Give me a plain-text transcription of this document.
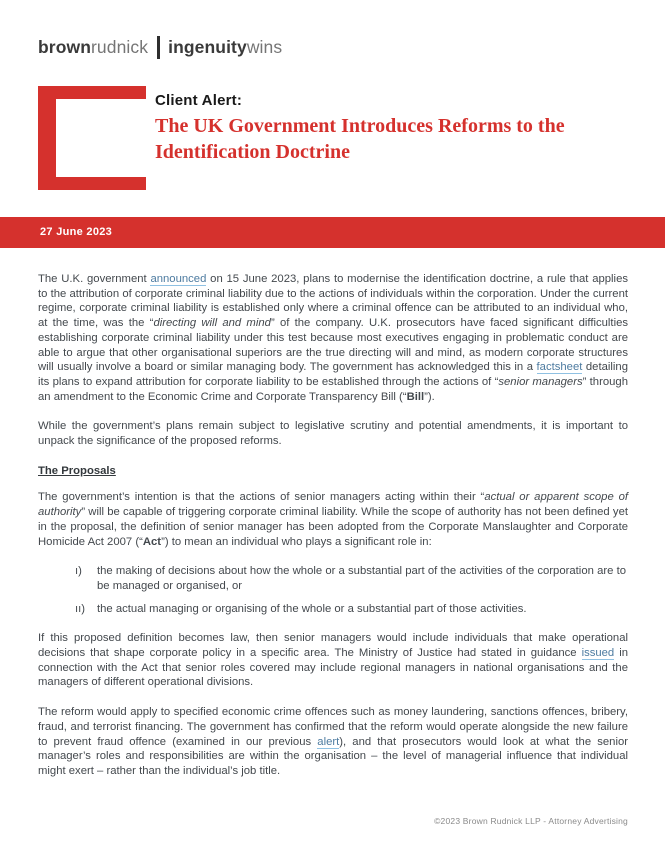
brownrudnick ingenuitywins
Client Alert:
The UK Government Introduces Reforms to the
Identification Doctrine
27 June 2023

The U.K. government announced on 15 June 2023, plans to modernise the identification doctrine, a rule that applies to the attribution of corporate criminal liability due to the actions of individuals within the corporation. Under the current regime, corporate criminal liability is established only where a criminal offence can be attributed to an individual who, at the time, was the “directing will and mind” of the company. U.K. prosecutors have faced significant difficulties establishing corporate criminal liability under this test because most executives engaging in problematic conduct are able to argue that other organisational superiors are the true directing will and mind, as modern corporate structures will usually involve a board or similar managing body. The government has acknowledged this in a factsheet detailing its plans to expand attribution for corporate liability to be established through the actions of “senior managers” through an amendment to the Economic Crime and Corporate Transparency Bill (“Bill”).

While the government’s plans remain subject to legislative scrutiny and potential amendments, it is important to unpack the significance of the proposed reforms.

The Proposals

The government’s intention is that the actions of senior managers acting within their “actual or apparent scope of authority” will be capable of triggering corporate criminal liability. While the scope of authority has not been defined yet in the proposal, the definition of senior manager has been adopted from the Corporate Manslaughter and Corporate Homicide Act 2007 (“Act”) to mean an individual who plays a significant role in:

ı)	the making of decisions about how the whole or a substantial part of the activities of the corporation are to be managed or organised, or
ıı)	the actual managing or organising of the whole or a substantial part of those activities.

If this proposed definition becomes law, then senior managers would include individuals that make operational decisions that shape corporate policy in a specific area. The Ministry of Justice had stated in guidance issued in connection with the Act that senior roles covered may include regional managers in national organisations and the managers of different operational divisions.

The reform would apply to specified economic crime offences such as money laundering, sanctions offences, bribery, fraud, and terrorist financing. The government has confirmed that the reform would operate alongside the new failure to prevent fraud offence (examined in our previous alert), and that prosecutors would look at what the senior manager’s roles and responsibilities are within the organisation – the level of managerial influence that individual might exert – rather than the individual’s job title.

©2023 Brown Rudnick LLP - Attorney Advertising
